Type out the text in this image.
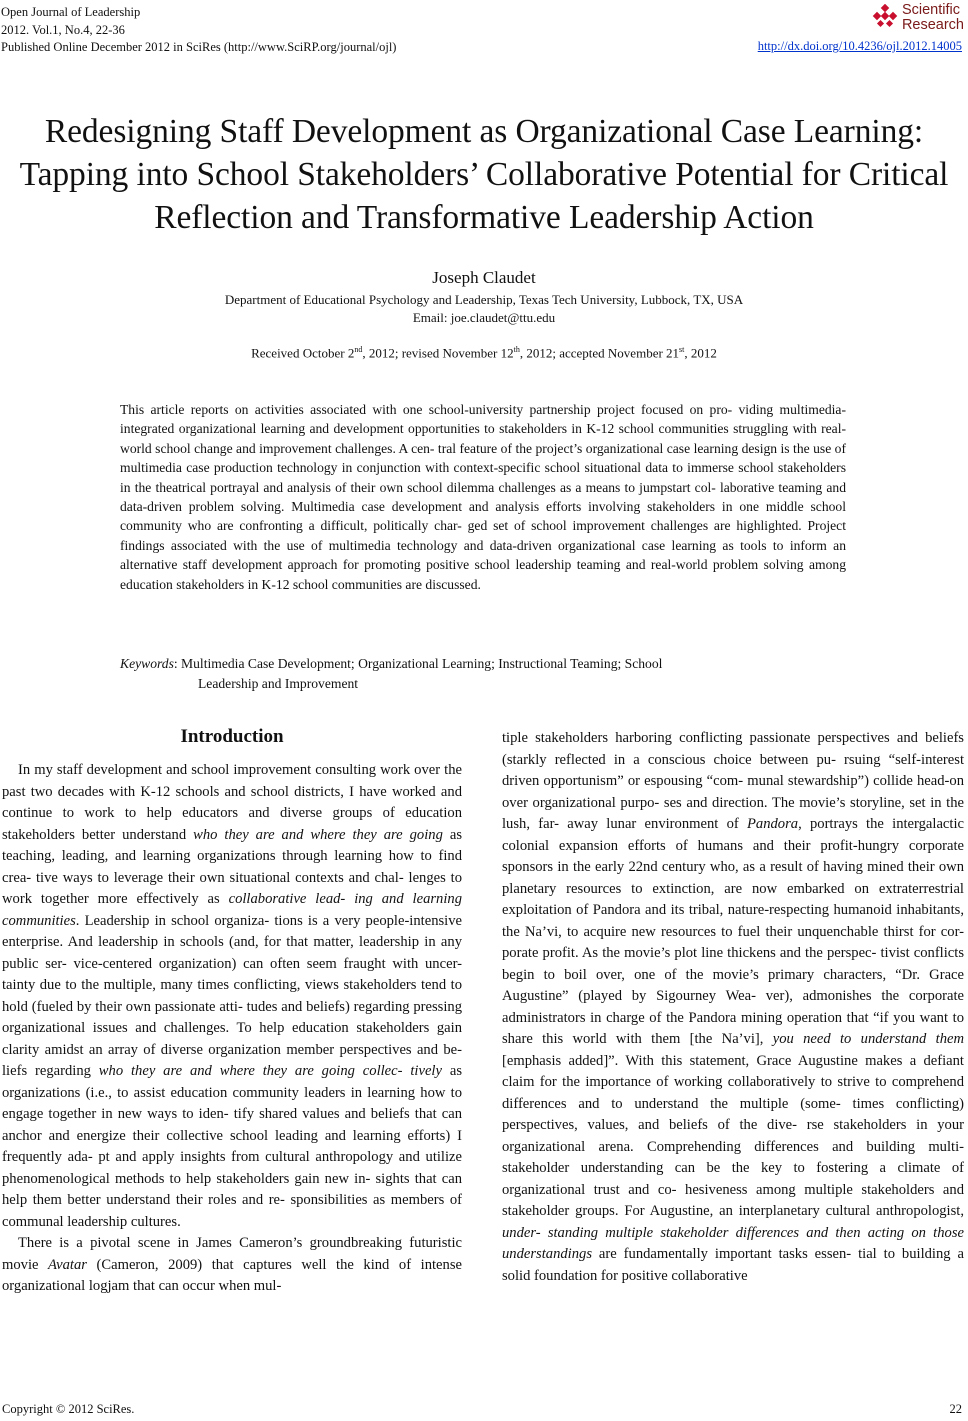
Open Journal of Leadership
2012. Vol.1, No.4, 22-36
Published Online December 2012 in SciRes (http://www.SciRP.org/journal/ojl)	http://dx.doi.org/10.4236/ojl.2012.14005
Scientific
Research
Redesigning Staff Development as Organizational Case Learning: Tapping into School Stakeholders’ Collaborative Potential for Critical Reflection and Transformative Leadership Action
Joseph Claudet
Department of Educational Psychology and Leadership, Texas Tech University, Lubbock, TX, USA
Email: joe.claudet@ttu.edu
Received October 2nd, 2012; revised November 12th, 2012; accepted November 21st, 2012
This article reports on activities associated with one school-university partnership project focused on pro- viding multimedia-integrated organizational learning and development opportunities to stakeholders in K-12 school communities struggling with real-world school change and improvement challenges. A cen- tral feature of the project’s organizational case learning design is the use of multimedia case production technology in conjunction with context-specific school situational data to immerse school stakeholders in the theatrical portrayal and analysis of their own school dilemma challenges as a means to jumpstart col- laborative teaming and data-driven problem solving. Multimedia case development and analysis efforts involving stakeholders in one middle school community who are confronting a difficult, politically char- ged set of school improvement challenges are highlighted. Project findings associated with the use of multimedia technology and data-driven organizational case learning as tools to inform an alternative staff development approach for promoting positive school leadership teaming and real-world problem solving among education stakeholders in K-12 school communities are discussed.
Keywords : Multimedia Case Development; Organizational Learning; Instructional Teaming; School
Leadership and Improvement
Introduction

In my staff development and school improvement consulting work over the past two decades with K-12 schools and school districts, I have worked and continue to work to help educators and diverse groups of education stakeholders better understand who they are and where they are going as teaching, leading, and learning organizations through learning how to find crea- tive ways to leverage their own situational contexts and chal- lenges to work together more effectively as collaborative lead- ing and learning communities. Leadership in school organiza- tions is a very people-intensive enterprise. And leadership in schools (and, for that matter, leadership in any public ser- vice-centered organization) can often seem fraught with uncer- tainty due to the multiple, many times conflicting, views stakeholders tend to hold (fueled by their own passionate atti- tudes and beliefs) regarding pressing organizational issues and challenges. To help education stakeholders gain clarity amidst an array of diverse organization member perspectives and be- liefs regarding who they are and where they are going collec- tively as organizations (i.e., to assist education community leaders in learning how to engage together in new ways to iden- tify shared values and beliefs that can anchor and energize their collective school leading and learning efforts) I frequently ada- pt and apply insights from cultural anthropology and utilize phenomenological methods to help stakeholders gain new in- sights that can help them better understand their roles and re- sponsibilities as members of communal leadership cultures.

There is a pivotal scene in James Cameron’s groundbreaking futuristic movie Avatar (Cameron, 2009) that captures well the kind of intense organizational logjam that can occur when mul-

tiple stakeholders harboring conflicting passionate perspectives and beliefs (starkly reflected in a conscious choice between pu- rsuing “self-interest driven opportunism” or espousing “com- munal stewardship”) collide head-on over organizational purpo- ses and direction. The movie’s storyline, set in the lush, far- away lunar environment of Pandora, portrays the intergalactic colonial expansion efforts of humans and their profit-hungry corporate sponsors in the early 22nd century who, as a result of having mined their own planetary resources to extinction, are now embarked on extraterrestrial exploitation of Pandora and its tribal, nature-respecting humanoid inhabitants, the Na’vi, to acquire new resources to fuel their unquenchable thirst for cor- porate profit. As the movie’s plot line thickens and the perspec- tivist conflicts begin to boil over, one of the movie’s primary characters, “Dr. Grace Augustine” (played by Sigourney Wea- ver), admonishes the corporate administrators in charge of the Pandora mining operation that “if you want to share this world with them [the Na’vi], you need to understand them [emphasis added]”. With this statement, Grace Augustine makes a defiant claim for the importance of working collaboratively to strive to comprehend differences and to understand the multiple (some- times conflicting) perspectives, values, and beliefs of the dive- rse stakeholders in your organizational arena. Comprehending differences and building multi-stakeholder understanding can be the key to fostering a climate of organizational trust and co- hesiveness among multiple stakeholders and stakeholder groups. For Augustine, an interplanetary cultural anthropologist, under- standing multiple stakeholder differences and then acting on those understandings are fundamentally important tasks essen- tial to building a solid foundation for positive collaborative

Copyright © 2012 SciRes.	22
